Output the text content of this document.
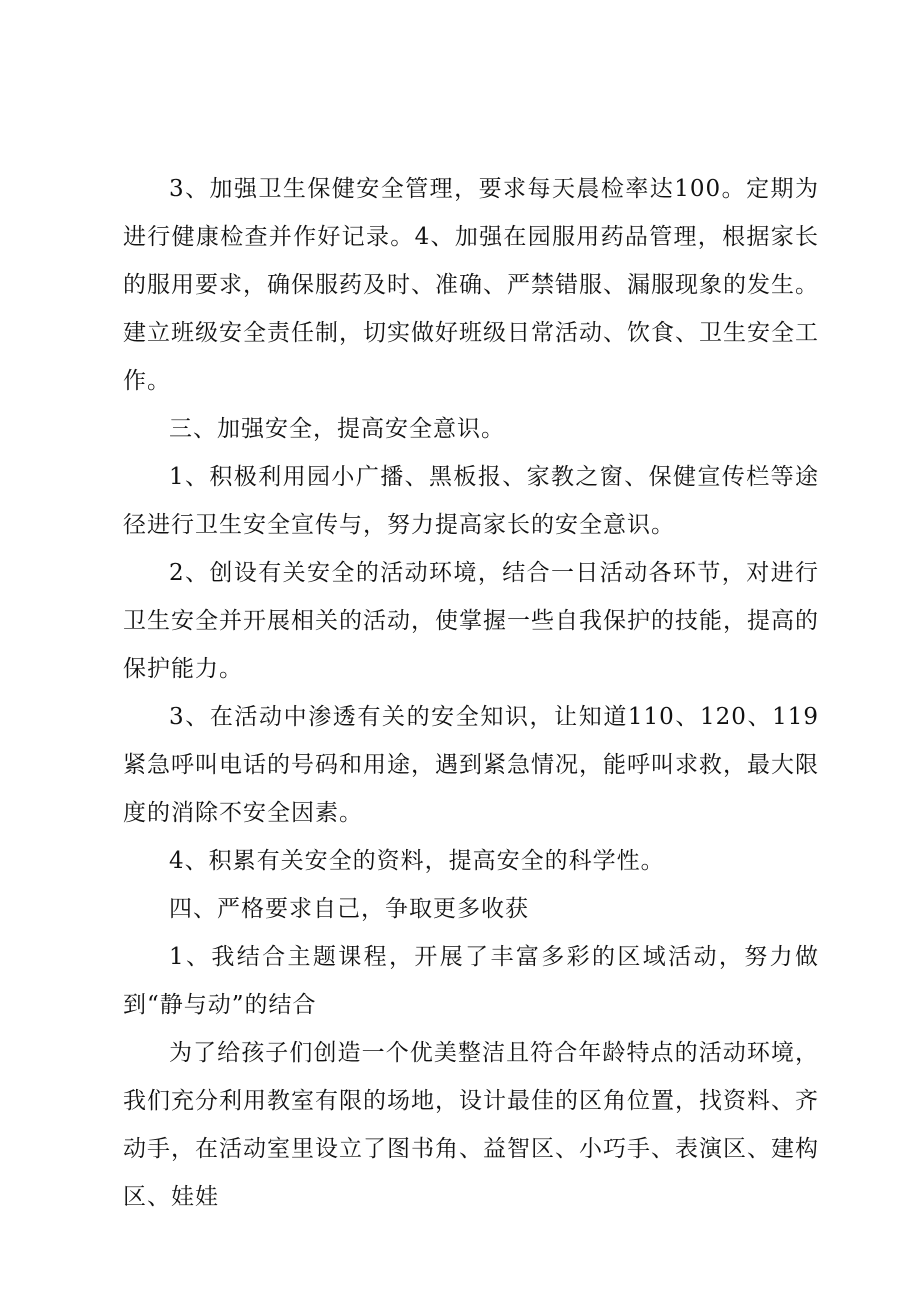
3、加强卫生保健安全管理，要求每天晨检率达100。定期为进行健康检查并作好记录。4、加强在园服用药品管理，根据家长的服用要求，确保服药及时、准确、严禁错服、漏服现象的发生。建立班级安全责任制，切实做好班级日常活动、饮食、卫生安全工作。

三、加强安全，提高安全意识。

1、积极利用园小广播、黑板报、家教之窗、保健宣传栏等途径进行卫生安全宣传与，努力提高家长的安全意识。

2、创设有关安全的活动环境，结合一日活动各环节，对进行卫生安全并开展相关的活动，使掌握一些自我保护的技能，提高的保护能力。

3、在活动中渗透有关的安全知识，让知道110、120、119紧急呼叫电话的号码和用途，遇到紧急情况，能呼叫求救，最大限度的消除不安全因素。

4、积累有关安全的资料，提高安全的科学性。

四、严格要求自己，争取更多收获

1、我结合主题课程，开展了丰富多彩的区域活动，努力做到“静与动”的结合

为了给孩子们创造一个优美整洁且符合年龄特点的活动环境，我们充分利用教室有限的场地，设计最佳的区角位置，找资料、齐动手，在活动室里设立了图书角、益智区、小巧手、表演区、建构区、娃娃
